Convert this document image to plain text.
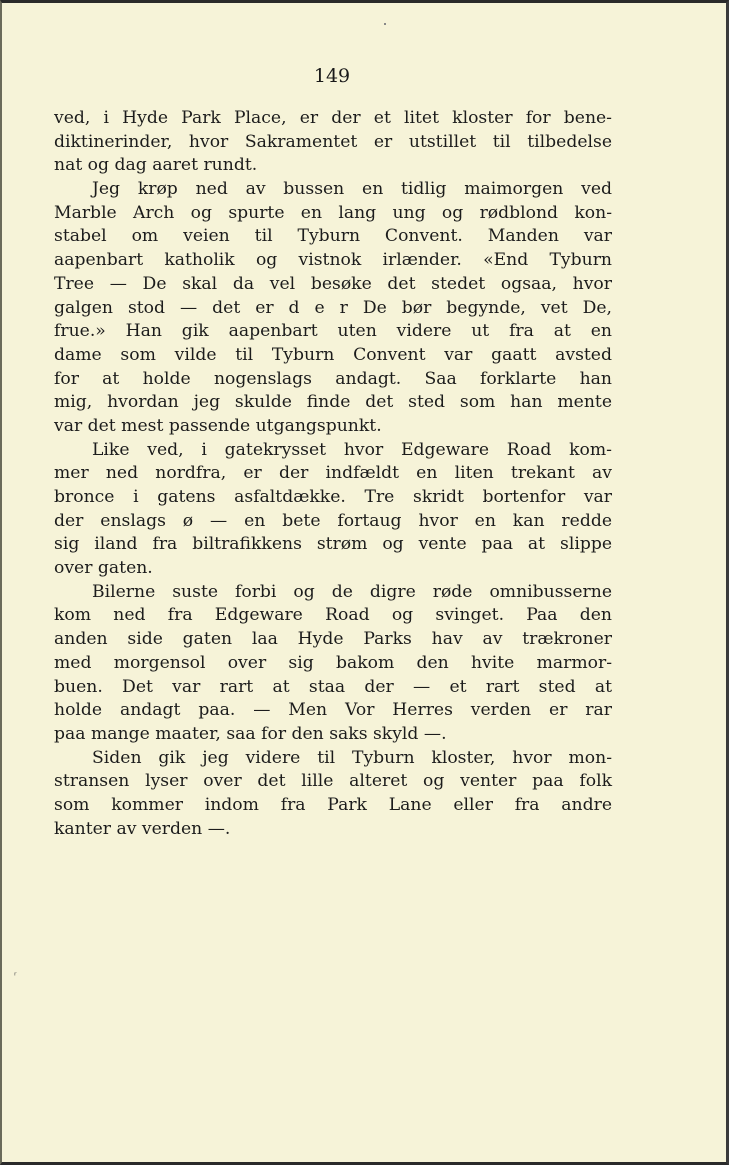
149
ved, i Hyde Park Place, er der et litet kloster for bene-
diktinerinder, hvor Sakramentet er utstillet til tilbedelse
nat og dag aaret rundt.
Jeg krøp ned av bussen en tidlig maimorgen ved
Marble Arch og spurte en lang ung og rødblond kon-
stabel om veien til Tyburn Convent. Manden var
aapenbart katholik og vistnok irlænder. «End Tyburn
Tree — De skal da vel besøke det stedet ogsaa, hvor
galgen stod — det er d e r De bør begynde, vet De,
frue.» Han gik aapenbart uten videre ut fra at en
dame som vilde til Tyburn Convent var gaatt avsted
for at holde nogenslags andagt. Saa forklarte han
mig, hvordan jeg skulde finde det sted som han mente
var det mest passende utgangspunkt.
Like ved, i gatekrysset hvor Edgeware Road kom-
mer ned nordfra, er der indfældt en liten trekant av
bronce i gatens asfaltdække. Tre skridt bortenfor var
der enslags ø — en bete fortaug hvor en kan redde
sig iland fra biltrafikkens strøm og vente paa at slippe
over gaten.
Bilerne suste forbi og de digre røde omnibusserne
kom ned fra Edgeware Road og svinget. Paa den
anden side gaten laa Hyde Parks hav av trækroner
med morgensol over sig bakom den hvite marmor-
buen. Det var rart at staa der — et rart sted at
holde andagt paa. — Men Vor Herres verden er rar
paa mange maater, saa for den saks skyld —.
Siden gik jeg videre til Tyburn kloster, hvor mon-
stransen lyser over det lille alteret og venter paa folk
som kommer indom fra Park Lane eller fra andre
kanter av verden —.
ʳ
